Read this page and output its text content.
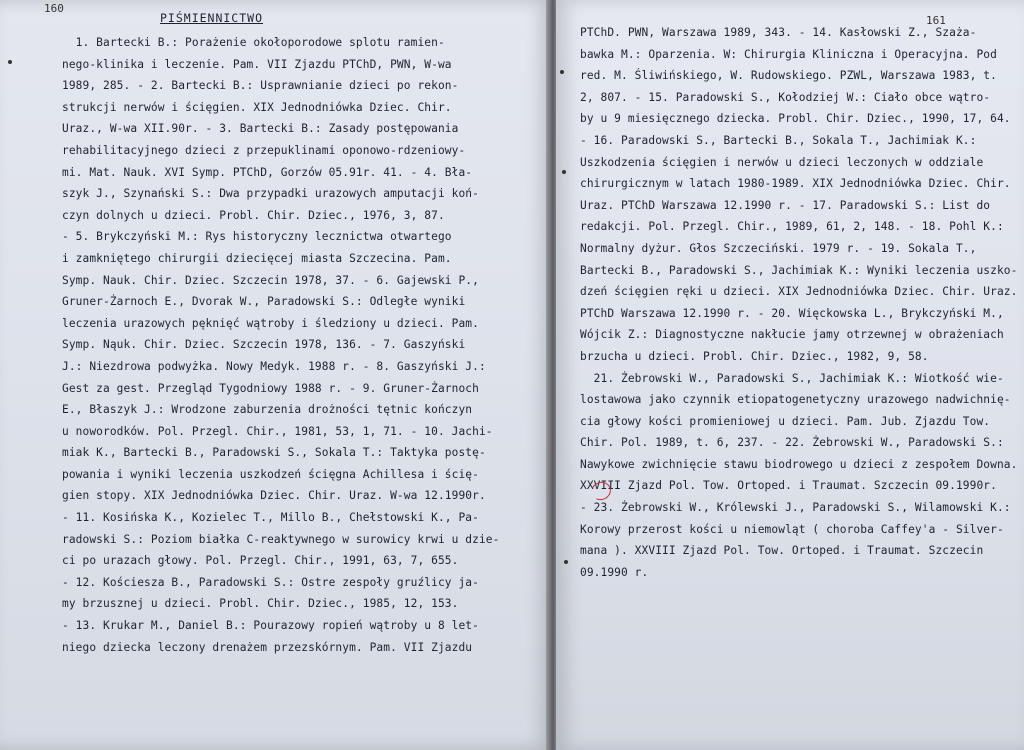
160
PIŚMIENNICTWO	161
1. Bartecki B.: Porażenie okołoporodowe splotu ramien-
nego-klinika i leczenie. Pam. VII Zjazdu PTChD, PWN, W-wa
1989, 285. - 2. Bartecki B.: Usprawnianie dzieci po rekon-
strukcji nerwów i ścięgien. XIX Jednodniówka Dziec. Chir.
Uraz., W-wa XII.90r. - 3. Bartecki B.: Zasady postępowania
rehabilitacyjnego dzieci z przepuklinami oponowo-rdzeniowy-
mi. Mat. Nauk. XVI Symp. PTChD, Gorzów 05.91r. 41. - 4. Bła-
szyk J., Szynański S.: Dwa przypadki urazowych amputacji koń-
czyn dolnych u dzieci. Probl. Chir. Dziec., 1976, 3, 87.
- 5. Brykczyński M.: Rys historyczny lecznictwa otwartego
i zamkniętego chirurgii dziecięcej miasta Szczecina. Pam.
Symp. Nauk. Chir. Dziec. Szczecin 1978, 37. - 6. Gajewski P.,
Gruner-Żarnoch E., Dvorak W., Paradowski S.: Odległe wyniki
leczenia urazowych pęknięć wątroby i śledziony u dzieci. Pam.
Symp. Nąuk. Chir. Dziec. Szczecin 1978, 136. - 7. Gaszyński
J.: Niezdrowa podwyżka. Nowy Medyk. 1988 r. - 8. Gaszyński J.:
Gest za gest. Przegląd Tygodniowy 1988 r. - 9. Gruner-Żarnoch
E., Błaszyk J.: Wrodzone zaburzenia drożności tętnic kończyn
u noworodków. Pol. Przegl. Chir., 1981, 53, 1, 71. - 10. Jachi-
miak K., Bartecki B., Paradowski S., Sokala T.: Taktyka postę-
powania i wyniki leczenia uszkodzeń ścięgna Achillesa i ścię-
gien stopy. XIX Jednodniówka Dziec. Chir. Uraz. W-wa 12.1990r.
- 11. Kosińska K., Kozielec T., Millo B., Chełstowski K., Pa-
radowski S.: Poziom białka C-reaktywnego w surowicy krwi u dzie-
ci po urazach głowy. Pol. Przegl. Chir., 1991, 63, 7, 655.
- 12. Kościesza B., Paradowski S.: Ostre zespoły gruźlicy ja-
my brzusznej u dzieci. Probl. Chir. Dziec., 1985, 12, 153.
- 13. Krukar M., Daniel B.: Pourazowy ropień wątroby u 8 let-
niego dziecka leczony drenażem przezskórnym. Pam. VII Zjazdu
PTChD. PWN, Warszawa 1989, 343. - 14. Kasłowski Z., Szaża-
bawka M.: Oparzenia. W: Chirurgia Kliniczna i Operacyjna. Pod
red. M. Śliwińskiego, W. Rudowskiego. PZWL, Warszawa 1983, t.
2, 807. - 15. Paradowski S., Kołodziej W.: Ciało obce wątro-
by u 9 miesięcznego dziecka. Probl. Chir. Dziec., 1990, 17, 64.
- 16. Paradowski S., Bartecki B., Sokala T., Jachimiak K.:
Uszkodzenia ścięgien i nerwów u dzieci leczonych w oddziale
chirurgicznym w latach 1980-1989. XIX Jednodniówka Dziec. Chir.
Uraz. PTChD Warszawa 12.1990 r. - 17. Paradowski S.: List do
redakcji. Pol. Przegl. Chir., 1989, 61, 2, 148. - 18. Pohl K.:
Normalny dyżur. Głos Szczeciński. 1979 r. - 19. Sokala T.,
Bartecki B., Paradowski S., Jachimiak K.: Wyniki leczenia uszko-
dzeń ścięgien ręki u dzieci. XIX Jednodniówka Dziec. Chir. Uraz.
PTChD Warszawa 12.1990 r. - 20. Więckowska L., Brykczyński M.,
Wójcik Z.: Diagnostyczne nakłucie jamy otrzewnej w obrażeniach
brzucha u dzieci. Probl. Chir. Dziec., 1982, 9, 58.
21. Żebrowski W., Paradowski S., Jachimiak K.: Wiotkość wie-
lostawowa jako czynnik etiopatogenetyczny urazowego nadwichnię-
cia głowy kości promieniowej u dzieci. Pam. Jub. Zjazdu Tow.
Chir. Pol. 1989, t. 6, 237. - 22. Żebrowski W., Paradowski S.:
Nawykowe zwichnięcie stawu biodrowego u dzieci z zespołem Downa.
XXVIII Zjazd Pol. Tow. Ortoped. i Traumat. Szczecin 09.1990r.
- 23. Żebrowski W., Królewski J., Paradowski S., Wilamowski K.:
Korowy przerost kości u niemowląt ( choroba Caffey'a - Silver-
mana ). XXVIII Zjazd Pol. Tow. Ortoped. i Traumat. Szczecin
09.1990 r.
